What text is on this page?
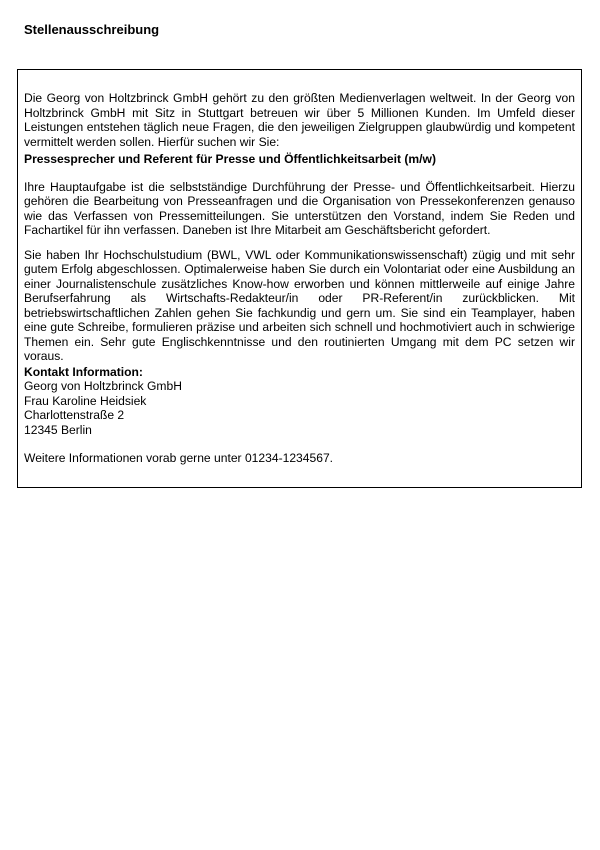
Stellenausschreibung

Die Georg von Holtzbrinck GmbH gehört zu den größten Medienverlagen weltweit. In der Georg von Holtzbrinck GmbH mit Sitz in Stuttgart betreuen wir über 5 Millionen Kunden. Im Umfeld dieser Leistungen entstehen täglich neue Fragen, die den jeweiligen Zielgruppen glaubwürdig und kompetent vermittelt werden sollen. Hierfür suchen wir Sie:

Pressesprecher und Referent für Presse und Öffentlichkeitsarbeit (m/w)

Ihre Hauptaufgabe ist die selbstständige Durchführung der Presse- und Öffentlichkeitsarbeit. Hierzu gehören die Bearbeitung von Presseanfragen und die Organisation von Pressekonferenzen genauso wie das Verfassen von Pressemitteilungen. Sie unterstützen den Vorstand, indem Sie Reden und Fachartikel für ihn verfassen. Daneben ist Ihre Mitarbeit am Geschäftsbericht gefordert.

Sie haben Ihr Hochschulstudium (BWL, VWL oder Kommunikationswissenschaft) zügig und mit sehr gutem Erfolg abgeschlossen. Optimalerweise haben Sie durch ein Volontariat oder eine Ausbildung an einer Journalistenschule zusätzliches Know-how erworben und können mittlerweile auf einige Jahre Berufserfahrung als Wirtschafts-Redakteur/in oder PR-Referent/in zurückblicken. Mit betriebswirtschaftlichen Zahlen gehen Sie fachkundig und gern um. Sie sind ein Teamplayer, haben eine gute Schreibe, formulieren präzise und arbeiten sich schnell und hochmotiviert auch in schwierige Themen ein. Sehr gute Englischkenntnisse und den routinierten Umgang mit dem PC setzen wir voraus.

Kontakt Information:

Georg von Holtzbrinck GmbH
Frau Karoline Heidsiek
Charlottenstraße 2
12345 Berlin

Weitere Informationen vorab gerne unter 01234-1234567.
